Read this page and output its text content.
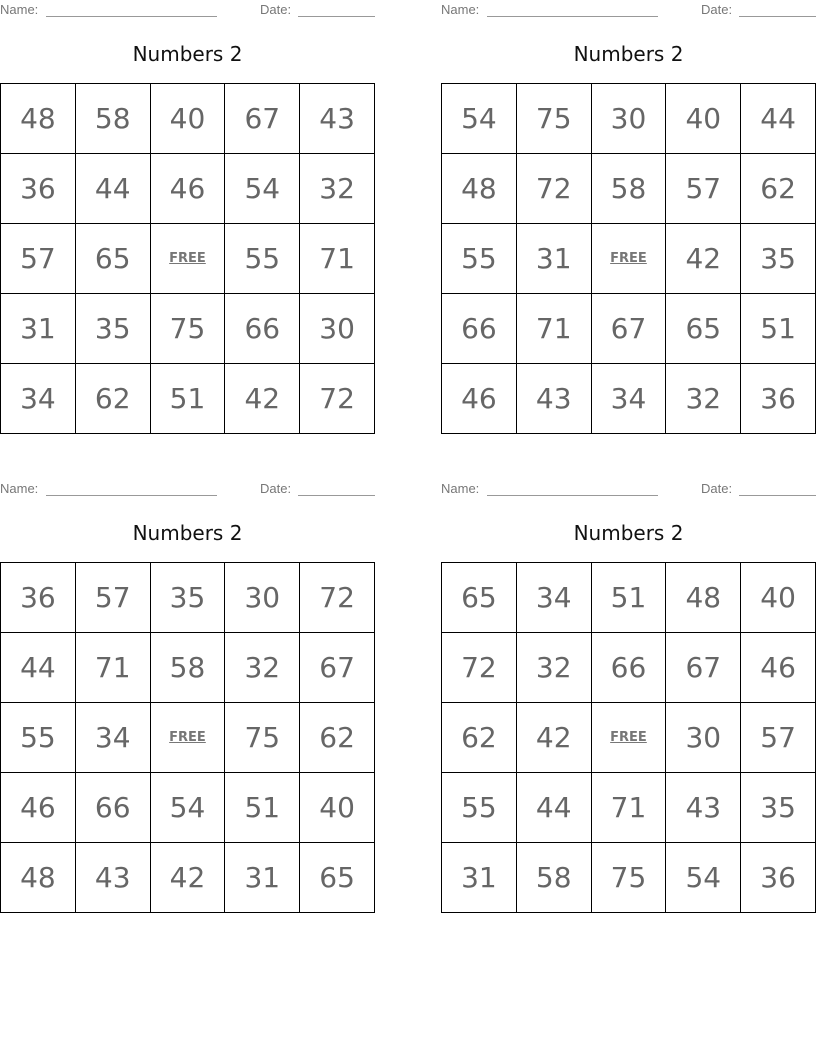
Name:	Date:
Numbers 2
48	58	40	67	43
36	44	46	54	32
57	65	FREE	55	71
31	35	75	66	30
34	62	51	42	72
Name:	Date:
Numbers 2
54	75	30	40	44
48	72	58	57	62
55	31	FREE	42	35
66	71	67	65	51
46	43	34	32	36
Name:	Date:
Numbers 2
36	57	35	30	72
44	71	58	32	67
55	34	FREE	75	62
46	66	54	51	40
48	43	42	31	65
Name:	Date:
Numbers 2
65	34	51	48	40
72	32	66	67	46
62	42	FREE	30	57
55	44	71	43	35
31	58	75	54	36
